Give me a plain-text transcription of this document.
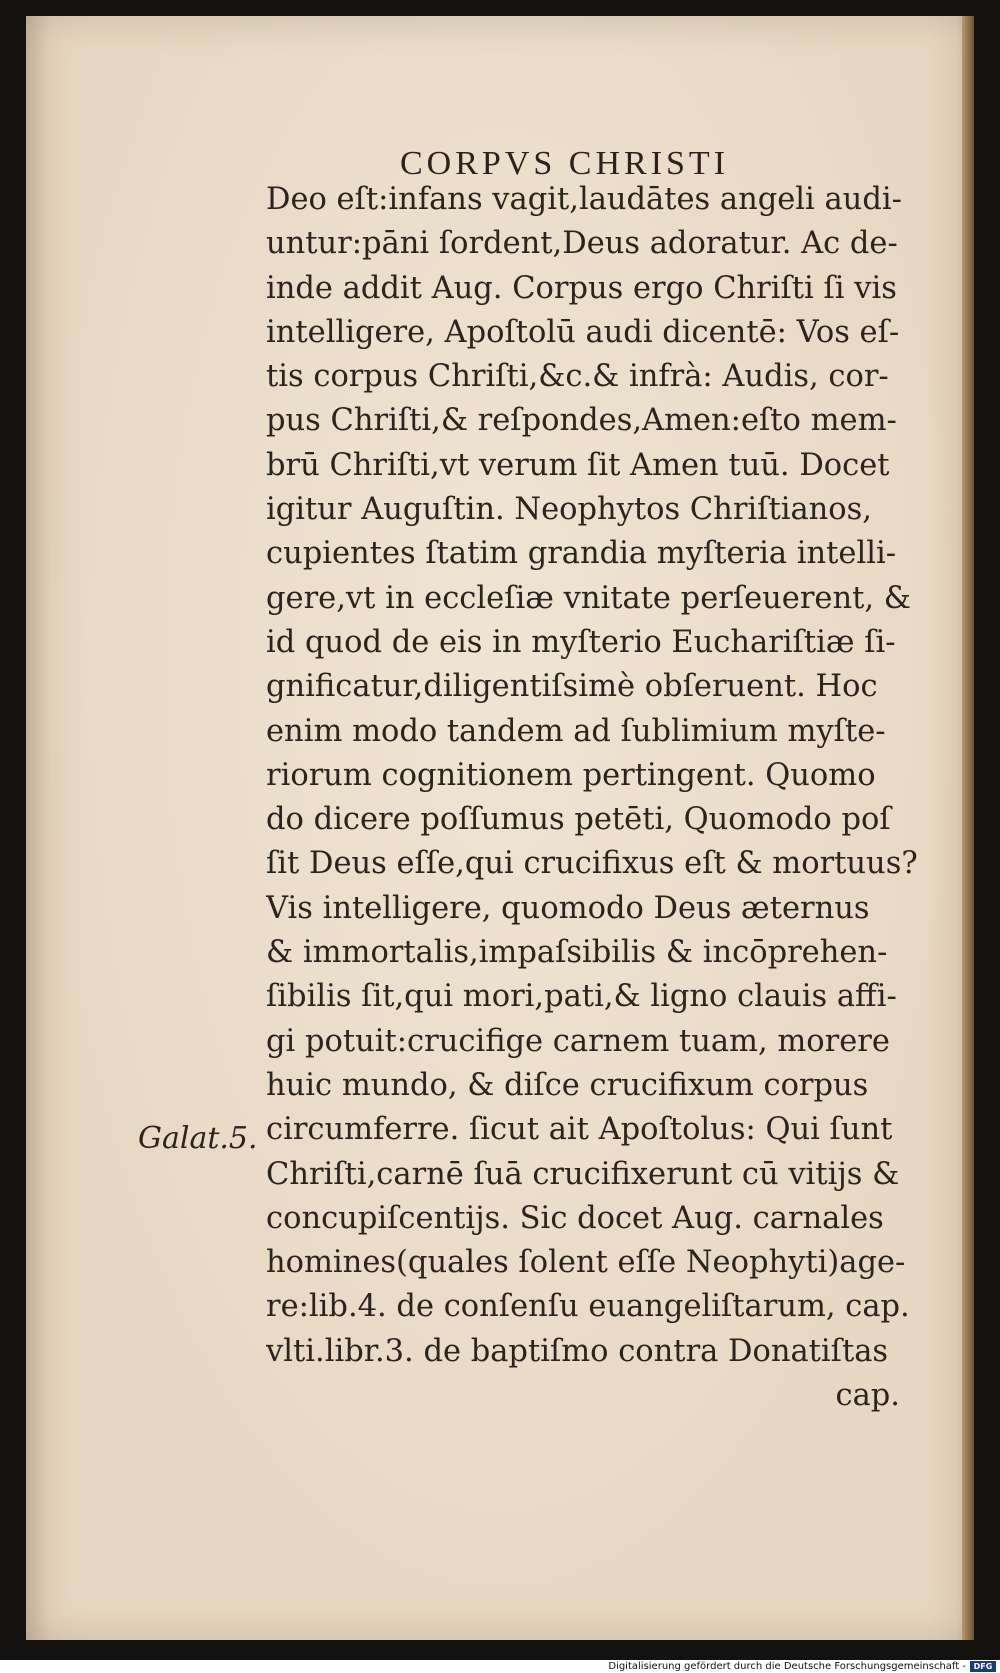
CORPVS CHRISTI
Galat.5.
Deo eſt:infans vagit,laudātes angeli audi-
untur:pāni ſordent,Deus adoratur. Ac de-
inde addit Aug. Corpus ergo Chriſti ſi vis
intelligere, Apoſtolū audi dicentē: Vos eſ-
tis corpus Chriſti,&c.& infrà: Audis, cor-
pus Chriſti,& reſpondes,Amen:eſto mem-
brū Chriſti,vt verum ſit Amen tuū. Docet
igitur Auguſtin. Neophytos Chriſtianos,
cupientes ſtatim grandia myſteria intelli-
gere,vt in eccleſiæ vnitate perſeuerent, &
id quod de eis in myſterio Euchariſtiæ ſi-
gnificatur,diligentiſsimè obſeruent. Hoc
enim modo tandem ad ſublimium myſte-
riorum cognitionem pertingent. Quomo
do dicere poſſumus petēti, Quomodo poſ
ſit Deus eſſe,qui crucifixus eſt & mortuus?
Vis intelligere, quomodo Deus æternus
& immortalis,impaſsibilis & incōprehen-
ſibilis ſit,qui mori,pati,& ligno clauis affi-
gi potuit:crucifige carnem tuam, morere
huic mundo, & diſce crucifixum corpus
circumferre. ſicut ait Apoſtolus: Qui ſunt
Chriſti,carnē ſuā crucifixerunt cū vitijs &
concupiſcentijs. Sic docet Aug. carnales
homines(quales ſolent eſſe Neophyti)age-
re:lib.4. de conſenſu euangeliſtarum, cap.
vlti.libr.3. de baptiſmo contra Donatiſtas
cap.
Digitalisierung gefördert durch die Deutsche Forschungsgemeinschaft - DFG
